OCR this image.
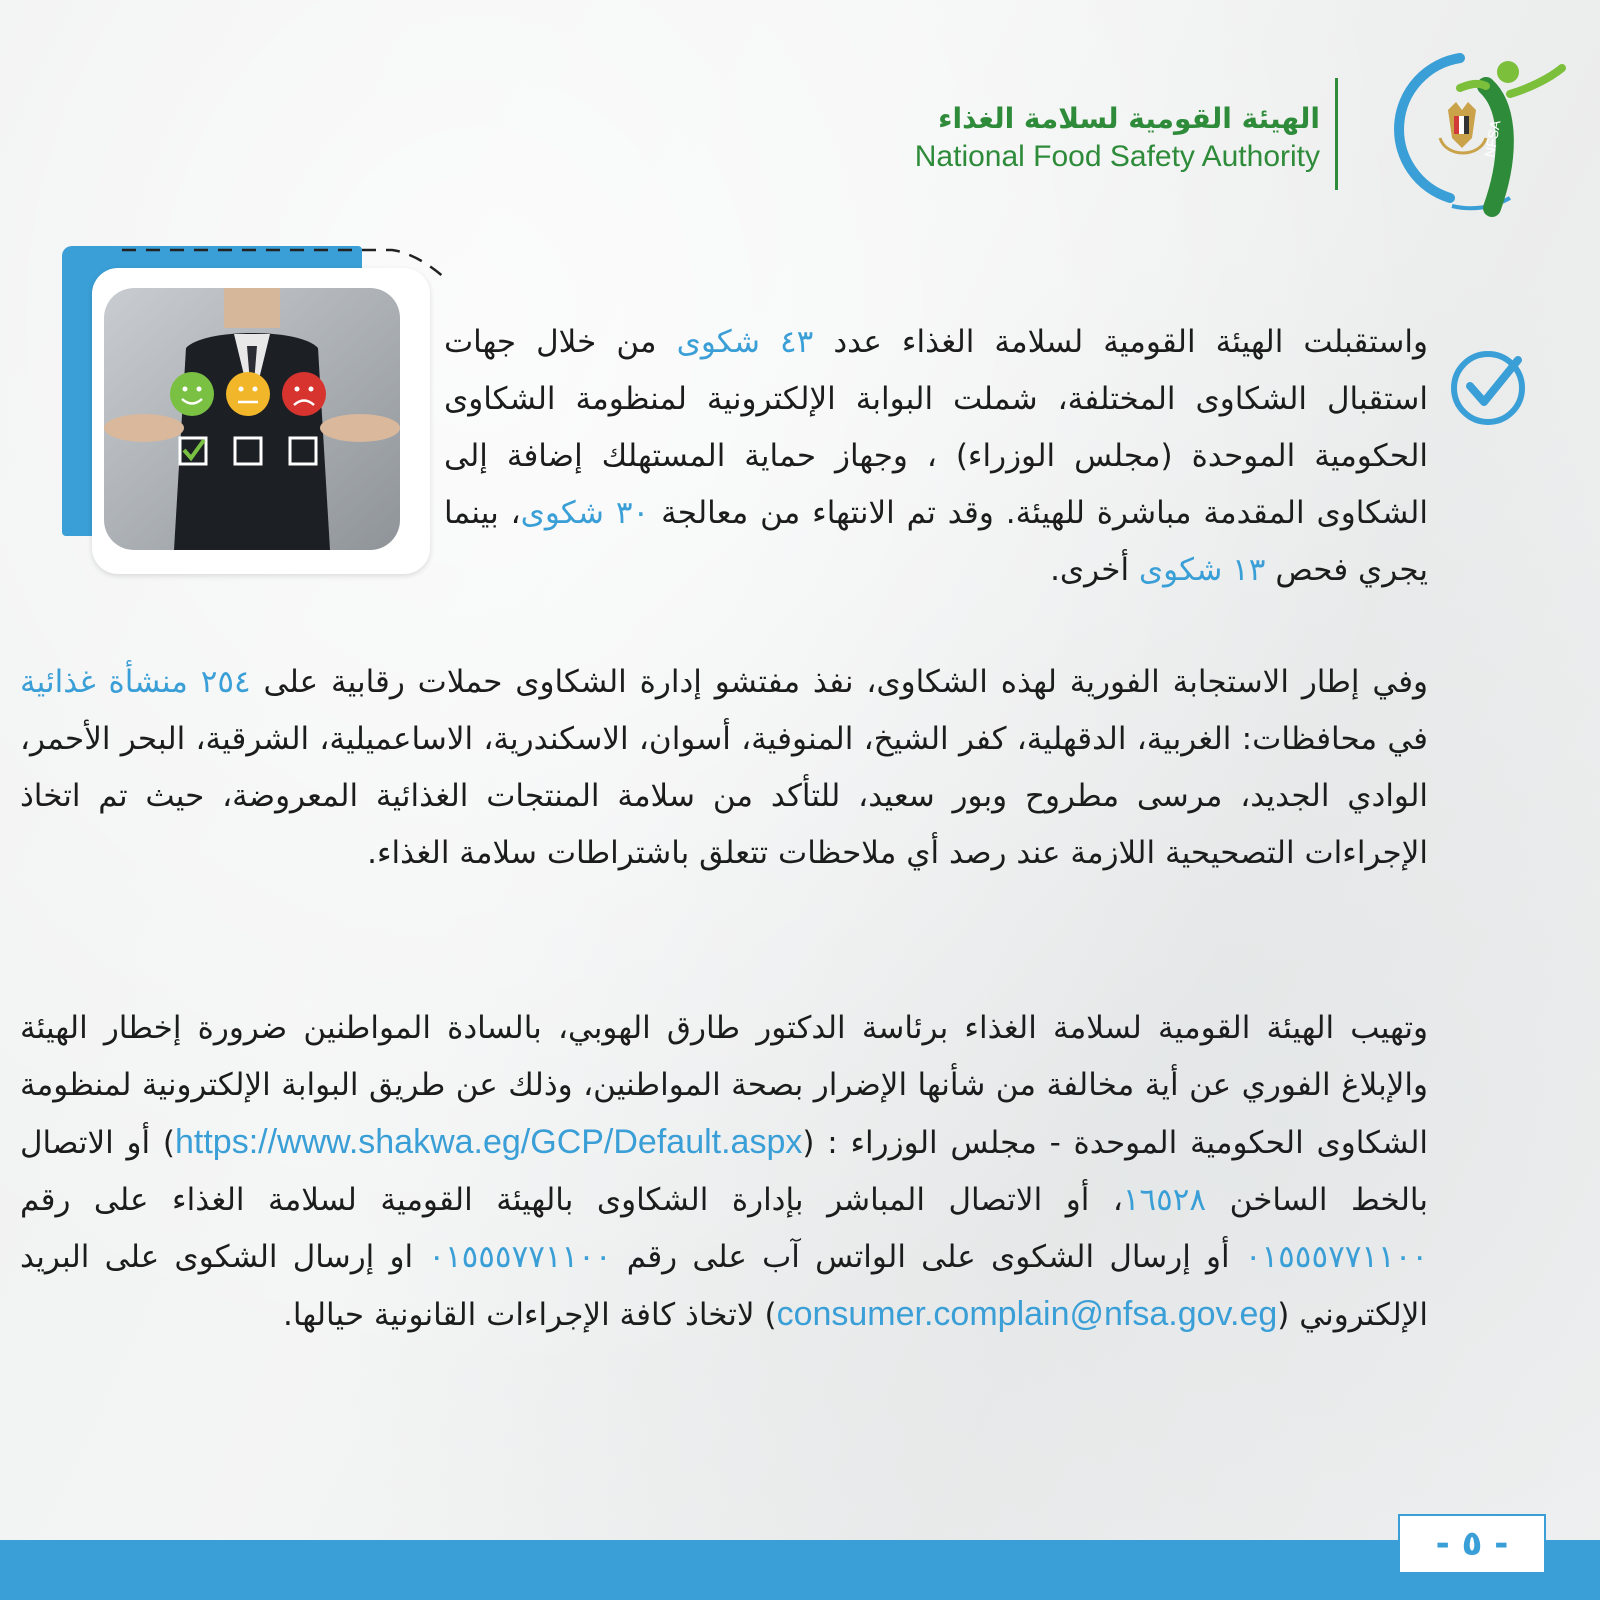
NFSA
الهيئة القومية لسلامة الغذاء
National Food Safety Authority
واستقبلت الهيئة القومية لسلامة الغذاء عدد ٤٣ شكوى من خلال جهات استقبال الشكاوى المختلفة، شملت البوابة الإلكترونية لمنظومة الشكاوى الحكومية الموحدة (مجلس الوزراء) ، وجهاز حماية المستهلك إضافة إلى الشكاوى المقدمة مباشرة للهيئة. وقد تم الانتهاء من معالجة ٣٠ شكوى، بينما يجري فحص ١٣ شكوى أخرى.
وفي إطار الاستجابة الفورية لهذه الشكاوى، نفذ مفتشو إدارة الشكاوى حملات رقابية على ٢٥٤ منشأة غذائية في محافظات: الغربية، الدقهلية، كفر الشيخ، المنوفية، أسوان، الاسكندرية، الاساعميلية، الشرقية، البحر الأحمر، الوادي الجديد، مرسى مطروح وبور سعيد، للتأكد من سلامة المنتجات الغذائية المعروضة، حيث تم اتخاذ الإجراءات التصحيحية اللازمة عند رصد أي ملاحظات تتعلق باشتراطات سلامة الغذاء.
وتهيب الهيئة القومية لسلامة الغذاء برئاسة الدكتور طارق الهوبي، بالسادة المواطنين ضرورة إخطار الهيئة والإبلاغ الفوري عن أية مخالفة من شأنها الإضرار بصحة المواطنين، وذلك عن طريق البوابة الإلكترونية لمنظومة الشكاوى الحكومية الموحدة - مجلس الوزراء : (https://www.shakwa.eg/GCP/Default.aspx) أو الاتصال بالخط الساخن ١٦٥٢٨، أو الاتصال المباشر بإدارة الشكاوى بالهيئة القومية لسلامة الغذاء على رقم ٠١٥٥٥٧٧١١٠٠ أو إرسال الشكوى على الواتس آب على رقم ٠١٥٥٥٧٧١١٠٠ او إرسال الشكوى على البريد الإلكتروني (consumer.complain@nfsa.gov.eg) لاتخاذ كافة الإجراءات القانونية حيالها.
- ٥ -
